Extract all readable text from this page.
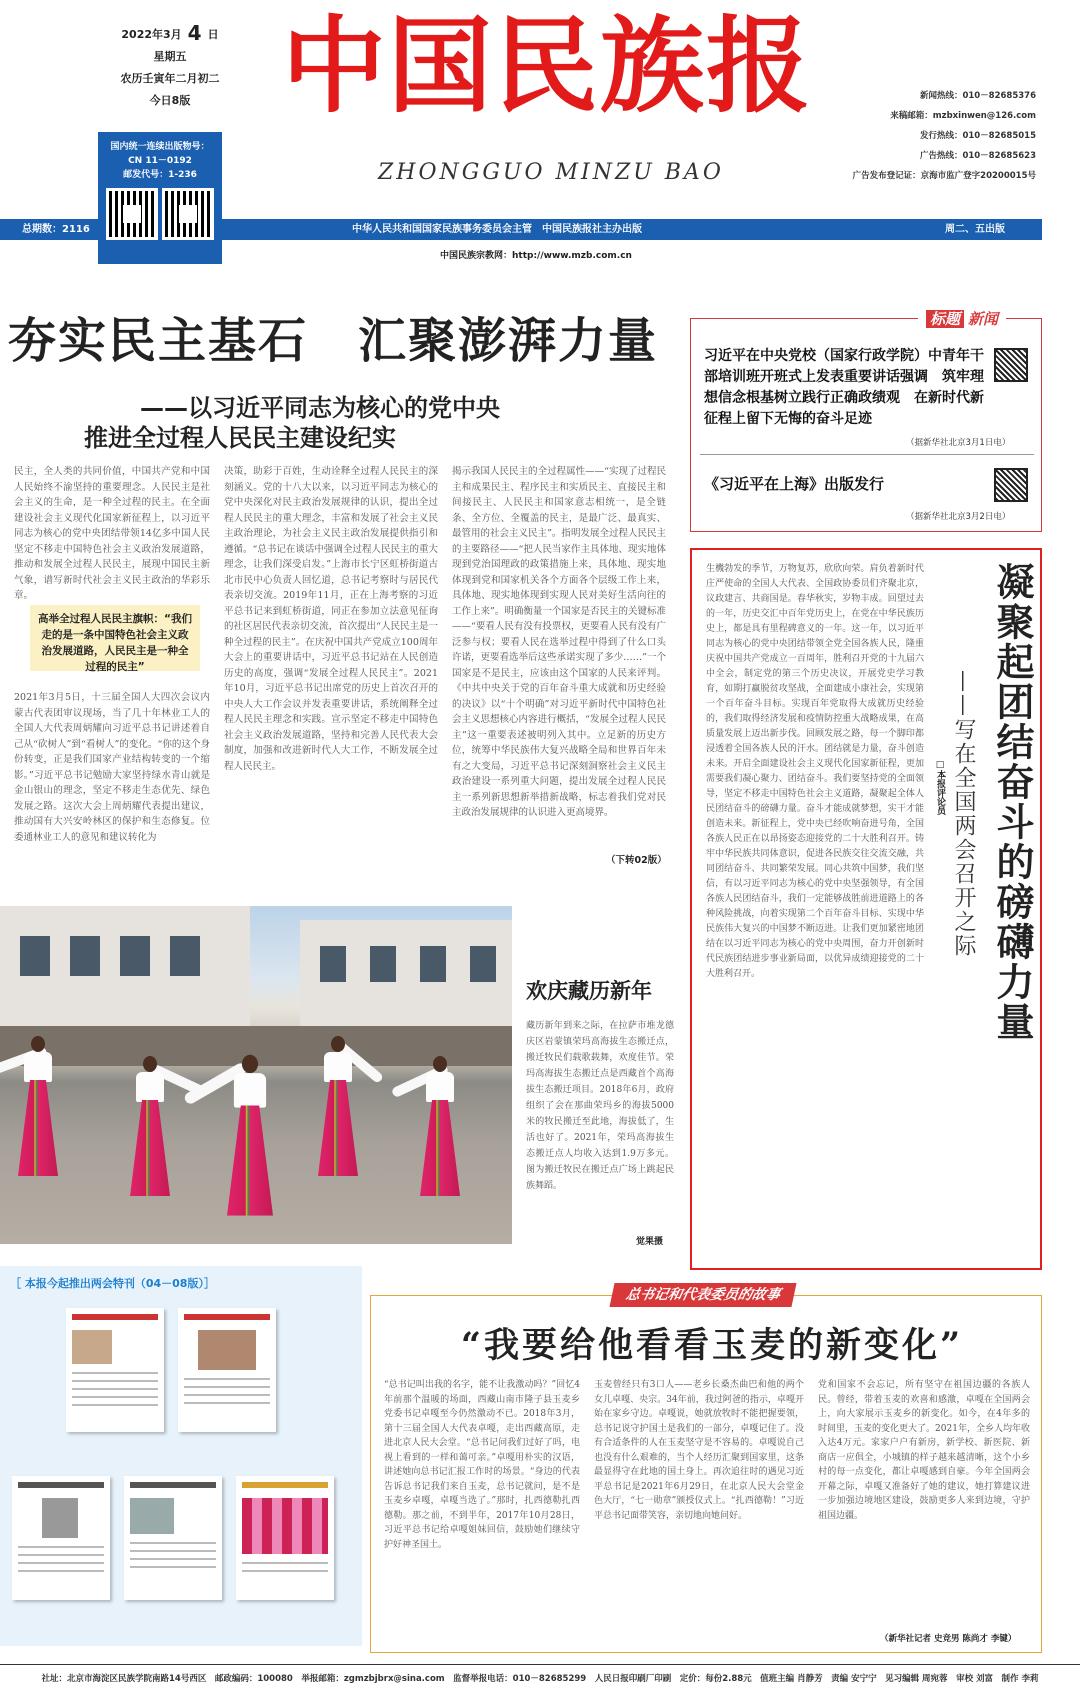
2022年3月 4 日
星期五
农历壬寅年二月初二
今日8版 中国民族报
ZHONGGUO MINZU BAO
新闻热线：010－82685376
来稿邮箱：mzbxinwen@126.com
发行热线：010－82685015
广告热线：010－82685623
广告发布登记证：京海市监广登字20200015号
总期数：2116	中华人民共和国国家民族事务委员会主管　中国民族报社主办出版	周二、五出版
国内统一连续出版物号：
CN 11－0192
邮发代号：1-236
中国民族宗教网：http://www.mzb.com.cn
夯实民主基石　汇聚澎湃力量
——以习近平同志为核心的党中央
推进全过程人民民主建设纪实
民主，全人类的共同价值，中国共产党和中国人民始终不渝坚持的重要理念。人民民主是社会主义的生命，是一种全过程的民主。在全面建设社会主义现代化国家新征程上，以习近平同志为核心的党中央团结带领14亿多中国人民坚定不移走中国特色社会主义政治发展道路，推动和发展全过程人民民主，展现中国民主新气象，谱写新时代社会主义民主政治的华彩乐章。
高举全过程人民民主旗帜：“我们走的是一条中国特色社会主义政治发展道路，人民民主是一种全过程的民主”
2021年3月5日，十三届全国人大四次会议内蒙古代表团审议现场，当了几十年林业工人的全国人大代表周炳耀向习近平总书记讲述着自己从“砍树人”到“看树人”的变化。“你的这个身份转变，正是我们国家产业结构转变的一个缩影。”习近平总书记勉励大家坚持绿水青山就是金山银山的理念，坚定不移走生态优先、绿色发展之路。这次大会上周炳耀代表提出建议，推动国有大兴安岭林区的保护和生态修复。位委通林业工人的意见和建议转化为
决策，助彩于百姓，生动诠释全过程人民民主的深刻涵义。党的十八大以来，以习近平同志为核心的党中央深化对民主政治发展规律的认识，提出全过程人民民主的重大理念，丰富和发展了社会主义民主政治理论，为社会主义民主政治发展提供指引和遵循。“总书记在谈话中强调全过程人民民主的重大理念，让我们深受启发。”上海市长宁区虹桥街道古北市民中心负责人回忆道，总书记考察时与居民代表亲切交流。2019年11月，正在上海考察的习近平总书记来到虹桥街道，同正在参加立法意见征询的社区居民代表亲切交流，首次提出“人民民主是一种全过程的民主”。在庆祝中国共产党成立100周年大会上的重要讲话中，习近平总书记站在人民创造历史的高度，强调“发展全过程人民民主”。2021年10月，习近平总书记出席党的历史上首次召开的中央人大工作会议并发表重要讲话，系统阐释全过程人民民主理念和实践。宣示坚定不移走中国特色社会主义政治发展道路，坚持和完善人民代表大会制度，加强和改进新时代人大工作，不断发展全过程人民民主。
揭示我国人民民主的全过程属性——“实现了过程民主和成果民主、程序民主和实质民主、直接民主和间接民主、人民民主和国家意志相统一，是全链条、全方位、全覆盖的民主，是最广泛、最真实、最管用的社会主义民主”。指明发展全过程人民民主的主要路径——“把人民当家作主具体地、现实地体现到党治国理政的政策措施上来，具体地、现实地体现到党和国家机关各个方面各个层级工作上来，具体地、现实地体现到实现人民对美好生活向往的工作上来”。明确衡量一个国家是否民主的关键标准——“要看人民有没有投票权，更要看人民有没有广泛参与权；要看人民在选举过程中得到了什么口头许诺，更要看选举后这些承诺实现了多少……”一个国家是不是民主，应该由这个国家的人民来评判。《中共中央关于党的百年奋斗重大成就和历史经验的决议》以“十个明确”对习近平新时代中国特色社会主义思想核心内容进行概括，“发展全过程人民民主”这一重要表述被明列入其中。立足新的历史方位，统筹中华民族伟大复兴战略全局和世界百年未有之大变局，习近平总书记深刻洞察社会主义民主政治建设一系列重大问题，提出发展全过程人民民主一系列新思想新举措新战略，标志着我们党对民主政治发展规律的认识进入更高境界。
（下转02版）
标题 新闻
习近平在中央党校（国家行政学院）中青年干部培训班开班式上发表重要讲话强调　筑牢理想信念根基树立践行正确政绩观　在新时代新征程上留下无悔的奋斗足迹
（据新华社北京3月1日电）
《习近平在上海》出版发行
（据新华社北京3月2日电）
凝聚起团结奋斗的磅礴力量
——写在全国两会召开之际
□本报评论员
生機勃发的季节，万物复苏，欣欣向荣。肩负着新时代庄严使命的全国人大代表、全国政协委员们齐聚北京，议政建言、共商国是。春华秋实，岁物丰成。回望过去的一年，历史交汇中百年党历史上，在党在中华民族历史上，都是具有里程碑意义的一年。这一年，以习近平同志为核心的党中央团结带领全党全国各族人民，隆重庆祝中国共产党成立一百周年，胜利召开党的十九届六中全会，制定党的第三个历史决议，开展党史学习教育，如期打赢脱贫攻坚战，全面建成小康社会，实现第一个百年奋斗目标。实现百年党取得大成就历史经验的，我们取得经济发展和疫情防控重大战略成果，在高质量发展上迈出新步伐。回顾发展之路，每一个脚印都浸透着全国各族人民的汗水。团结就是力量，奋斗创造未来。开启全面建设社会主义现代化国家新征程，更加需要我们凝心聚力、团结奋斗。我们要坚持党的全面领导，坚定不移走中国特色社会主义道路，凝聚起全体人民团结奋斗的磅礴力量。奋斗才能成就梦想，实干才能创造未来。新征程上，党中央已经吹响奋进号角，全国各族人民正在以昂扬姿态迎接党的二十大胜利召开。铸牢中华民族共同体意识，促进各民族交往交流交融，共同团结奋斗、共同繁荣发展。同心共筑中国梦，我们坚信，有以习近平同志为核心的党中央坚强领导，有全国各族人民团结奋斗，我们一定能够战胜前进道路上的各种风险挑战，向着实现第二个百年奋斗目标、实现中华民族伟大复兴的中国梦不断迈进。让我们更加紧密地团结在以习近平同志为核心的党中央周围，奋力开创新时代民族团结进步事业新局面，以优异成绩迎接党的二十大胜利召开。
欢庆藏历新年
藏历新年到来之际，在拉萨市堆龙德庆区岩蒙镇荣玛高海拔生态搬迁点，搬迁牧民们载歌载舞，欢度佳节。荣玛高海拔生态搬迁点是西藏首个高海拔生态搬迁项目。2018年6月，政府组织了会在那曲荣玛乡的海拔5000米的牧民搬迁至此地，海拔低了，生活也好了。2021年，荣玛高海拔生态搬迁点人均收入达到1.9万多元。图为搬迁牧民在搬迁点广场上跳起民族舞蹈。
觉果摄
［ 本报今起推出两会特刊（04－08版）］
总书记和代表委员的故事
“我要给他看看玉麦的新变化”
“总书记叫出我的名字，能不让我激动吗？”回忆4年前那个温暖的场面，西藏山南市隆子县玉麦乡党委书记卓嘎至今仍然激动不已。2018年3月，第十三届全国人大代表卓嘎，走出西藏高原，走进北京人民大会堂。“总书记问我们过好了吗，电视上看到的一样和蔼可亲。”卓嘎用朴实的汉语，讲述她向总书记汇报工作时的场景。“身边的代表告诉总书记我们来自玉麦，总书记就问，是不是玉麦乡卓嘎，卓嘎当选了。”那时，扎西德勒扎西德勒。那之前，不到半年，2017年10月28日，习近平总书记给卓嘎姐妹回信，鼓励她们继续守护好神圣国土。
玉麦曾经只有3口人——老乡长桑杰曲巴和他的两个女儿卓嘎、央宗。34年前，我过阿爸的指示，卓嘎开始在家乡守边。卓嘎说，她就放牧时不能把握要领，总书记说守护国土是我们的一部分，卓嘎记住了。没有合适条件的人在玉麦坚守是不容易的。卓嘎说自己也没有什么艰难的，当个人经历汇聚到国家里，这条最显得守在此地的国土身上。再次追往时的遇见习近平总书记是2021年6月29日，在北京人民大会堂金色大厅，“七一勋章”颁授仪式上。“扎西德勒！”习近平总书记面带笑容，亲切地向她问好。
党和国家不会忘记，所有坚守在祖国边疆的各族人民。曾经，带着玉麦的欢喜和感激，卓嘎在全国两会上，向大家展示玉麦乡的新变化。如今，在4年多的时间里，玉麦的变化更大了。2021年，全乡人均年收入达4万元。家家户户有新房，新学校、新医院、新商店一应俱全，小城镇的样子越来越清晰，这个小乡村的每一点变化，都让卓嘎感到自豪。今年全国两会开幕之际，卓嘎又准备好了她的建议，她打算建议进一步加强边境地区建设，鼓励更多人来到边境，守护祖国边疆。
（新华社记者 史竞男 陈尚才 李键）
社址：北京市海淀区民族学院南路14号西区　邮政编码：100080　举报邮箱：zgmzbjbrx@sina.com　监督举报电话：010－82685299　人民日报印刷厂印刷　定价：每份2.88元　值班主编 肖静芳　责编 安宁宁　见习编辑 周宛蓉　审校 刘富　制作 李莉
